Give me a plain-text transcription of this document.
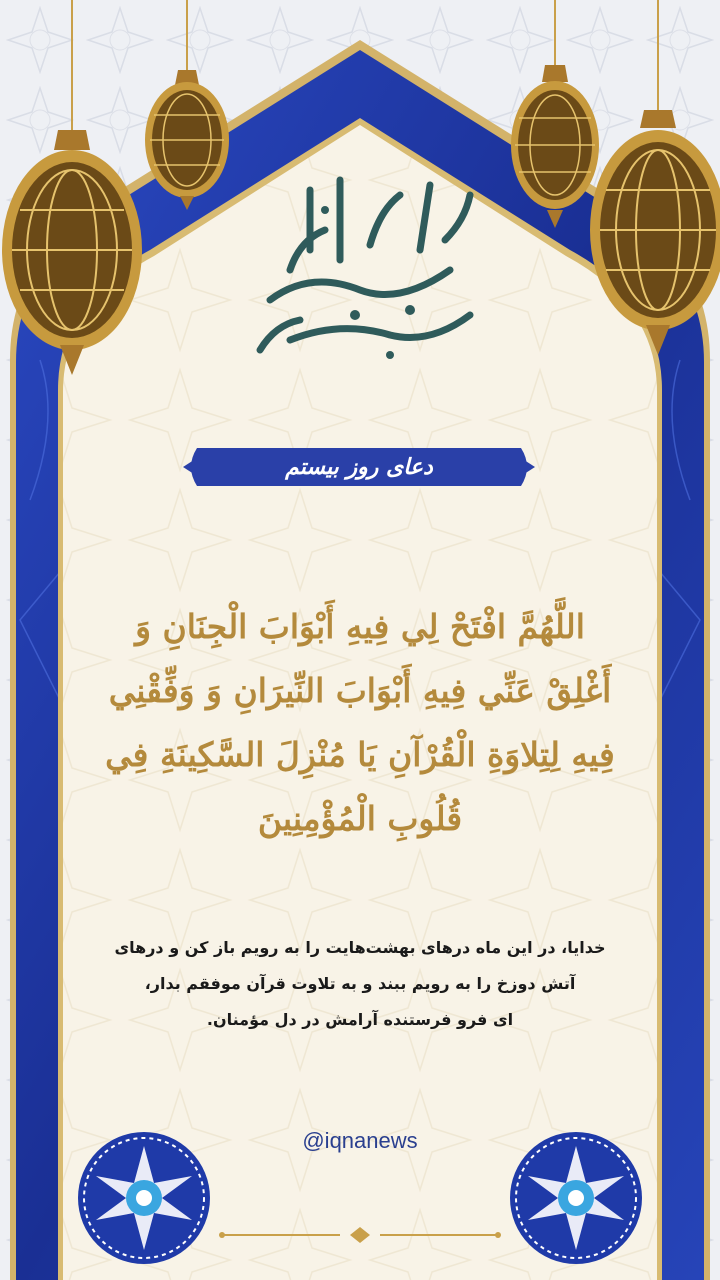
دعای روز بیستم
اللَّهُمَّ افْتَحْ لِي فِيهِ أَبْوَابَ الْجِنَانِ وَ
أَغْلِقْ عَنِّي فِيهِ أَبْوَابَ النِّيرَانِ وَ وَفِّقْنِي
فِيهِ لِتِلاوَةِ الْقُرْآنِ يَا مُنْزِلَ السَّكِينَةِ فِي
قُلُوبِ الْمُؤْمِنِينَ
خدایا، در این ماه درهای بهشت‌هایت را به رویم باز کن و درهای
آتش دوزخ را به رویم ببند و به تلاوت قرآن موفقم بدار،
ای فرو فرستنده آرامش در دل مؤمنان.
@iqnanews
